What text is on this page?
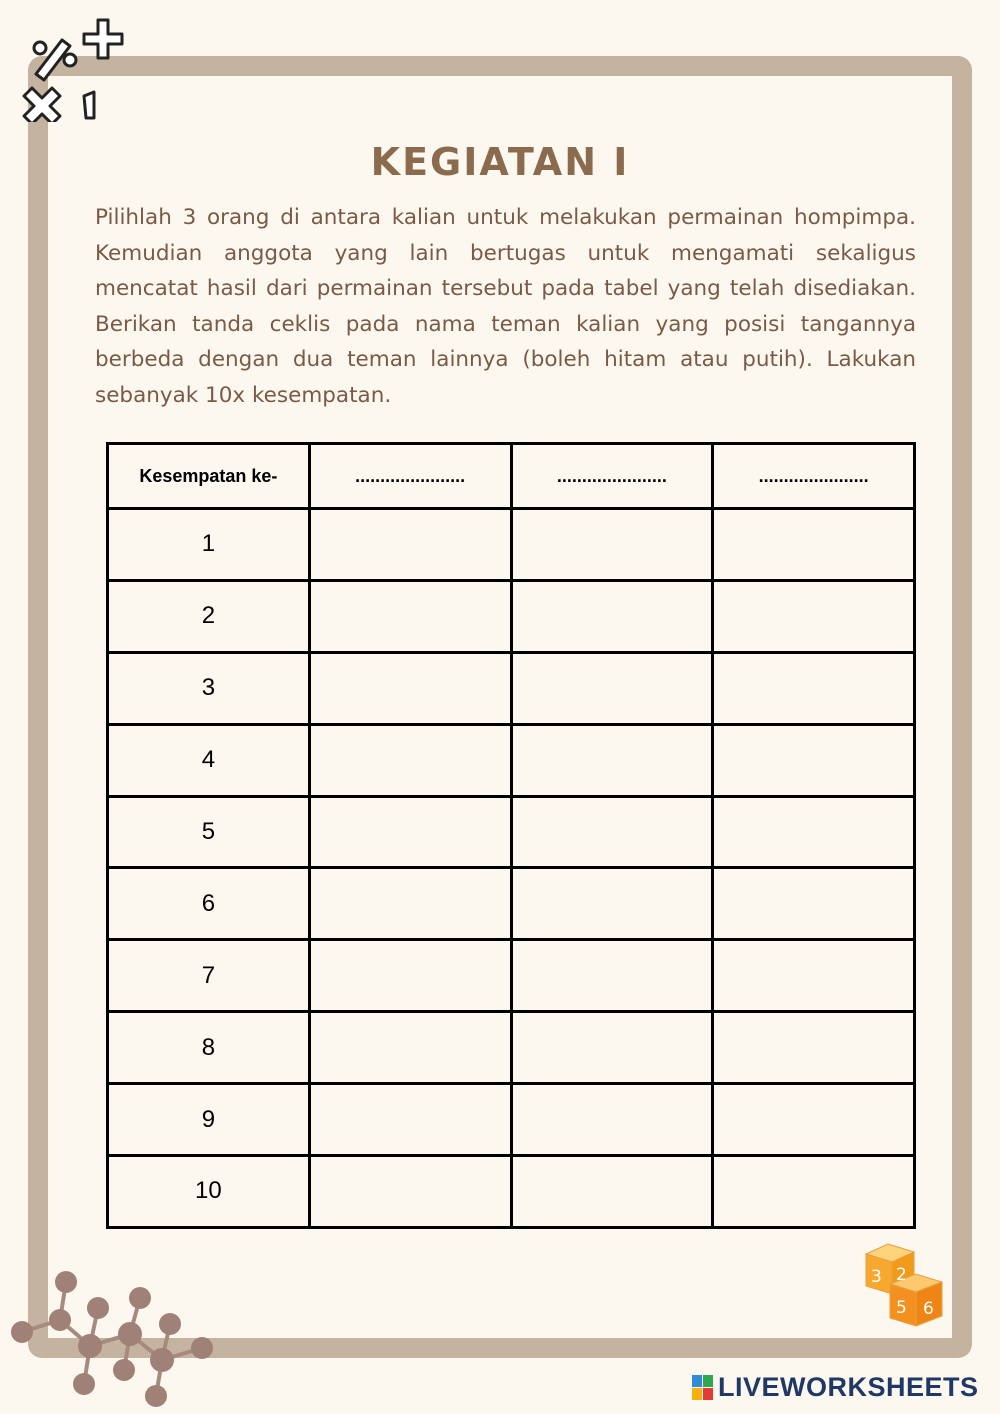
KEGIATAN I

Pilihlah 3 orang di antara kalian untuk melakukan permainan hompimpa. Kemudian anggota yang lain bertugas untuk mengamati sekaligus mencatat hasil dari permainan tersebut pada tabel yang telah disediakan. Berikan tanda ceklis pada nama teman kalian yang posisi tangannya berbeda dengan dua teman lainnya (boleh hitam atau putih). Lakukan sebanyak 10x kesempatan.

Kesempatan ke-	......................	......................	......................
1			
2			
3			
4			
5			
6			
7			
8			
9			
10			
3 2
5 6
LIVEWORKSHEETS
